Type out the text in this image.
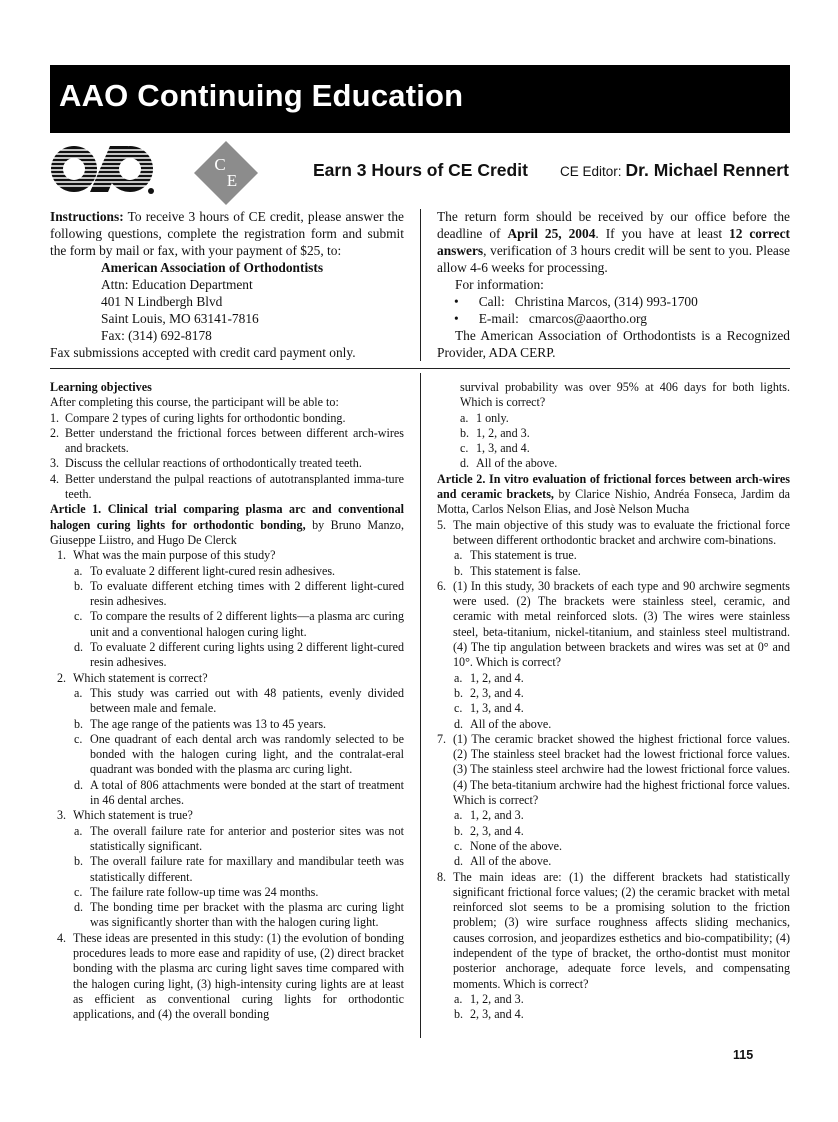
AAO Continuing Education
C
E
Earn 3 Hours of CE Credit CE Editor: Dr. Michael Rennert

Instructions: To receive 3 hours of CE credit, please answer the following questions, complete the registration form and submit the form by mail or fax, with your payment of $25, to:

American Association of Orthodontists
Attn: Education Department
401 N Lindbergh Blvd
Saint Louis, MO 63141-7816
Fax: (314) 692-8178

Fax submissions accepted with credit card payment only.

The return form should be received by our office before the deadline of April 25, 2004. If you have at least 12 correct answers, verification of 3 hours credit will be sent to you. Please allow 4-6 weeks for processing.

For information:
• Call: Christina Marcos, (314) 993-1700
• E-mail: cmarcos@aaortho.org

The American Association of Orthodontists is a Recognized Provider, ADA CERP.

Learning objectives
After completing this course, the participant will be able to:
1. Compare 2 types of curing lights for orthodontic bonding.
2. Better understand the frictional forces between different arch-wires and brackets.
3. Discuss the cellular reactions of orthodontically treated teeth.
4. Better understand the pulpal reactions of autotransplanted imma-ture teeth.

Article 1. Clinical trial comparing plasma arc and conventional halogen curing lights for orthodontic bonding, by Bruno Manzo, Giuseppe Liistro, and Hugo De Clerck

1. What was the main purpose of this study?
a. To evaluate 2 different light-cured resin adhesives.
b. To evaluate different etching times with 2 different light-cured resin adhesives.
c. To compare the results of 2 different lights—a plasma arc curing unit and a conventional halogen curing light.
d. To evaluate 2 different curing lights using 2 different light-cured resin adhesives.
2. Which statement is correct?
a. This study was carried out with 48 patients, evenly divided between male and female.
b. The age range of the patients was 13 to 45 years.
c. One quadrant of each dental arch was randomly selected to be bonded with the halogen curing light, and the contralat-eral quadrant was bonded with the plasma arc curing light.
d. A total of 806 attachments were bonded at the start of treatment in 46 dental arches.
3. Which statement is true?
a. The overall failure rate for anterior and posterior sites was not statistically significant.
b. The overall failure rate for maxillary and mandibular teeth was statistically different.
c. The failure rate follow-up time was 24 months.
d. The bonding time per bracket with the plasma arc curing light was significantly shorter than with the halogen curing light.
4. These ideas are presented in this study: (1) the evolution of bonding procedures leads to more ease and rapidity of use, (2) direct bracket bonding with the plasma arc curing light saves time compared with the halogen curing light, (3) high-intensity curing lights are at least as efficient as conventional curing lights for orthodontic applications, and (4) the overall bonding
survival probability was over 95% at 406 days for both lights. Which is correct?
a. 1 only.
b. 1, 2, and 3.
c. 1, 3, and 4.
d. All of the above.

Article 2. In vitro evaluation of frictional forces between arch-wires and ceramic brackets, by Clarice Nishio, Andréa Fonseca, Jardim da Motta, Carlos Nelson Elias, and Josè Nelson Mucha

5. The main objective of this study was to evaluate the frictional force between different orthodontic bracket and archwire com-binations.
a. This statement is true.
b. This statement is false.
6. (1) In this study, 30 brackets of each type and 90 archwire segments were used. (2) The brackets were stainless steel, ceramic, and ceramic with metal reinforced slots. (3) The wires were stainless steel, beta-titanium, nickel-titanium, and stainless steel multistrand. (4) The tip angulation between brackets and wires was set at 0° and 10°. Which is correct?
a. 1, 2, and 4.
b. 2, 3, and 4.
c. 1, 3, and 4.
d. All of the above.
7. (1) The ceramic bracket showed the highest frictional force values. (2) The stainless steel bracket had the lowest frictional force values. (3) The stainless steel archwire had the lowest frictional force values. (4) The beta-titanium archwire had the highest frictional force values. Which is correct?
a. 1, 2, and 3.
b. 2, 3, and 4.
c. None of the above.
d. All of the above.
8. The main ideas are: (1) the different brackets had statistically significant frictional force values; (2) the ceramic bracket with metal reinforced slot seems to be a promising solution to the friction problem; (3) wire surface roughness affects sliding mechanics, causes corrosion, and jeopardizes esthetics and bio-compatibility; (4) independent of the type of bracket, the ortho-dontist must monitor posterior anchorage, adequate force levels, and compensating moments. Which is correct?
a. 1, 2, and 3.
b. 2, 3, and 4.
115
